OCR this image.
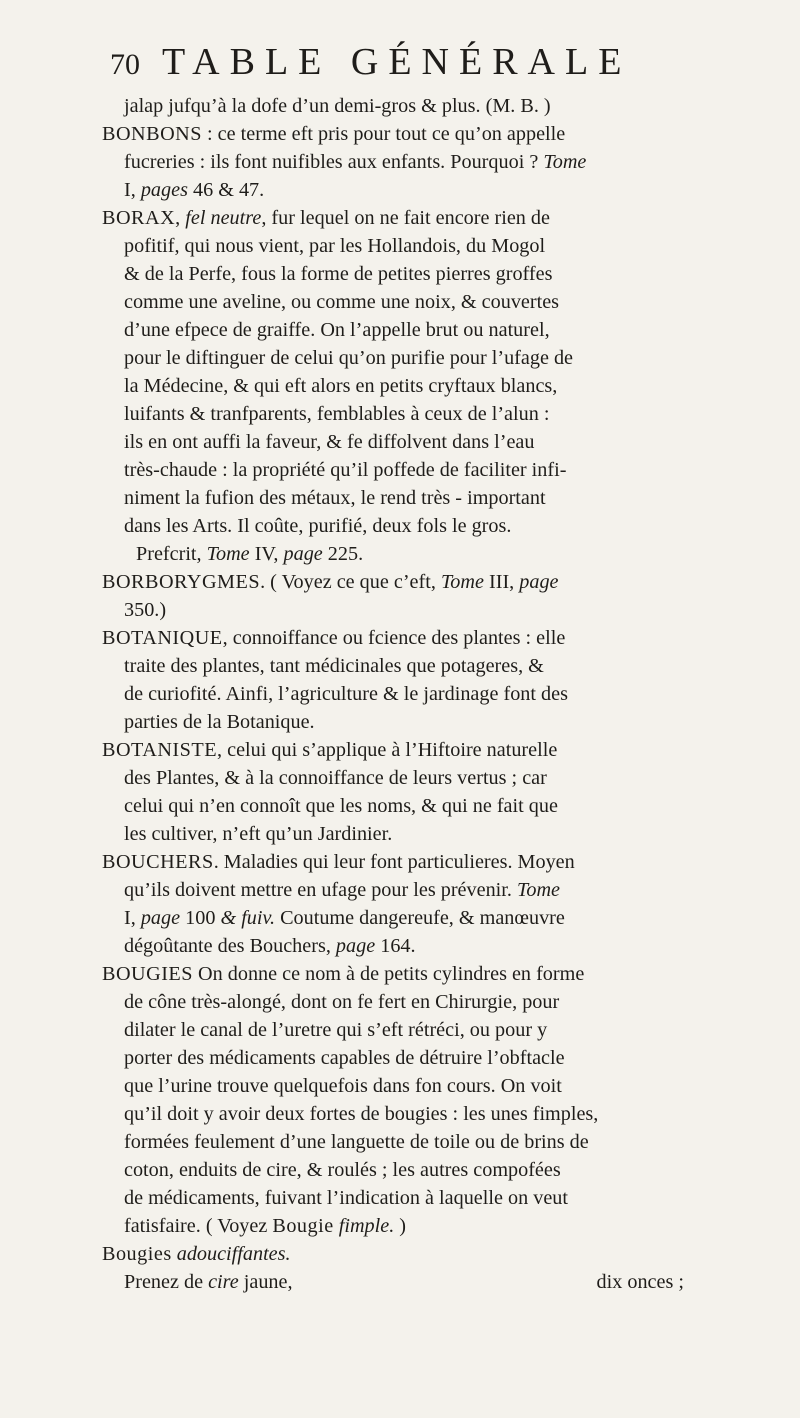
70 TABLE GÉNÉRALE
jalap jufqu’à la dofe d’un demi-gros & plus. (M. B. )
BONBONS : ce terme eft pris pour tout ce qu’on appelle
fucreries : ils font nuifibles aux enfants. Pourquoi ? Tome
I, pages 46 & 47.
BORAX, fel neutre, fur lequel on ne fait encore rien de
pofitif, qui nous vient, par les Hollandois, du Mogol
& de la Perfe, fous la forme de petites pierres groffes
comme une aveline, ou comme une noix, & couvertes
d’une efpece de graiffe. On l’appelle brut ou naturel,
pour le diftinguer de celui qu’on purifie pour l’ufage de
la Médecine, & qui eft alors en petits cryftaux blancs,
luifants & tranfparents, femblables à ceux de l’alun :
ils en ont auffi la faveur, & fe diffolvent dans l’eau
très-chaude : la propriété qu’il poffede de faciliter infi-
niment la fufion des métaux, le rend très - important
dans les Arts. Il coûte, purifié, deux fols le gros.
Prefcrit, Tome IV, page 225.
BORBORYGMES. ( Voyez ce que c’eft, Tome III, page
350.)
BOTANIQUE, connoiffance ou fcience des plantes : elle
traite des plantes, tant médicinales que potageres, &
de curiofité. Ainfi, l’agriculture & le jardinage font des
parties de la Botanique.
BOTANISTE, celui qui s’applique à l’Hiftoire naturelle
des Plantes, & à la connoiffance de leurs vertus ; car
celui qui n’en connoît que les noms, & qui ne fait que
les cultiver, n’eft qu’un Jardinier.
BOUCHERS. Maladies qui leur font particulieres. Moyen
qu’ils doivent mettre en ufage pour les prévenir. Tome
I, page 100 & fuiv. Coutume dangereufe, & manœuvre
dégoûtante des Bouchers, page 164.
BOUGIES On donne ce nom à de petits cylindres en forme
de cône très-alongé, dont on fe fert en Chirurgie, pour
dilater le canal de l’uretre qui s’eft rétréci, ou pour y
porter des médicaments capables de détruire l’obftacle
que l’urine trouve quelquefois dans fon cours. On voit
qu’il doit y avoir deux fortes de bougies : les unes fimples,
formées feulement d’une languette de toile ou de brins de
coton, enduits de cire, & roulés ; les autres compofées
de médicaments, fuivant l’indication à laquelle on veut
fatisfaire. ( Voyez Bougie fimple. )
Bougies adouciffantes.
Prenez de cire jaune,	dix onces ;
